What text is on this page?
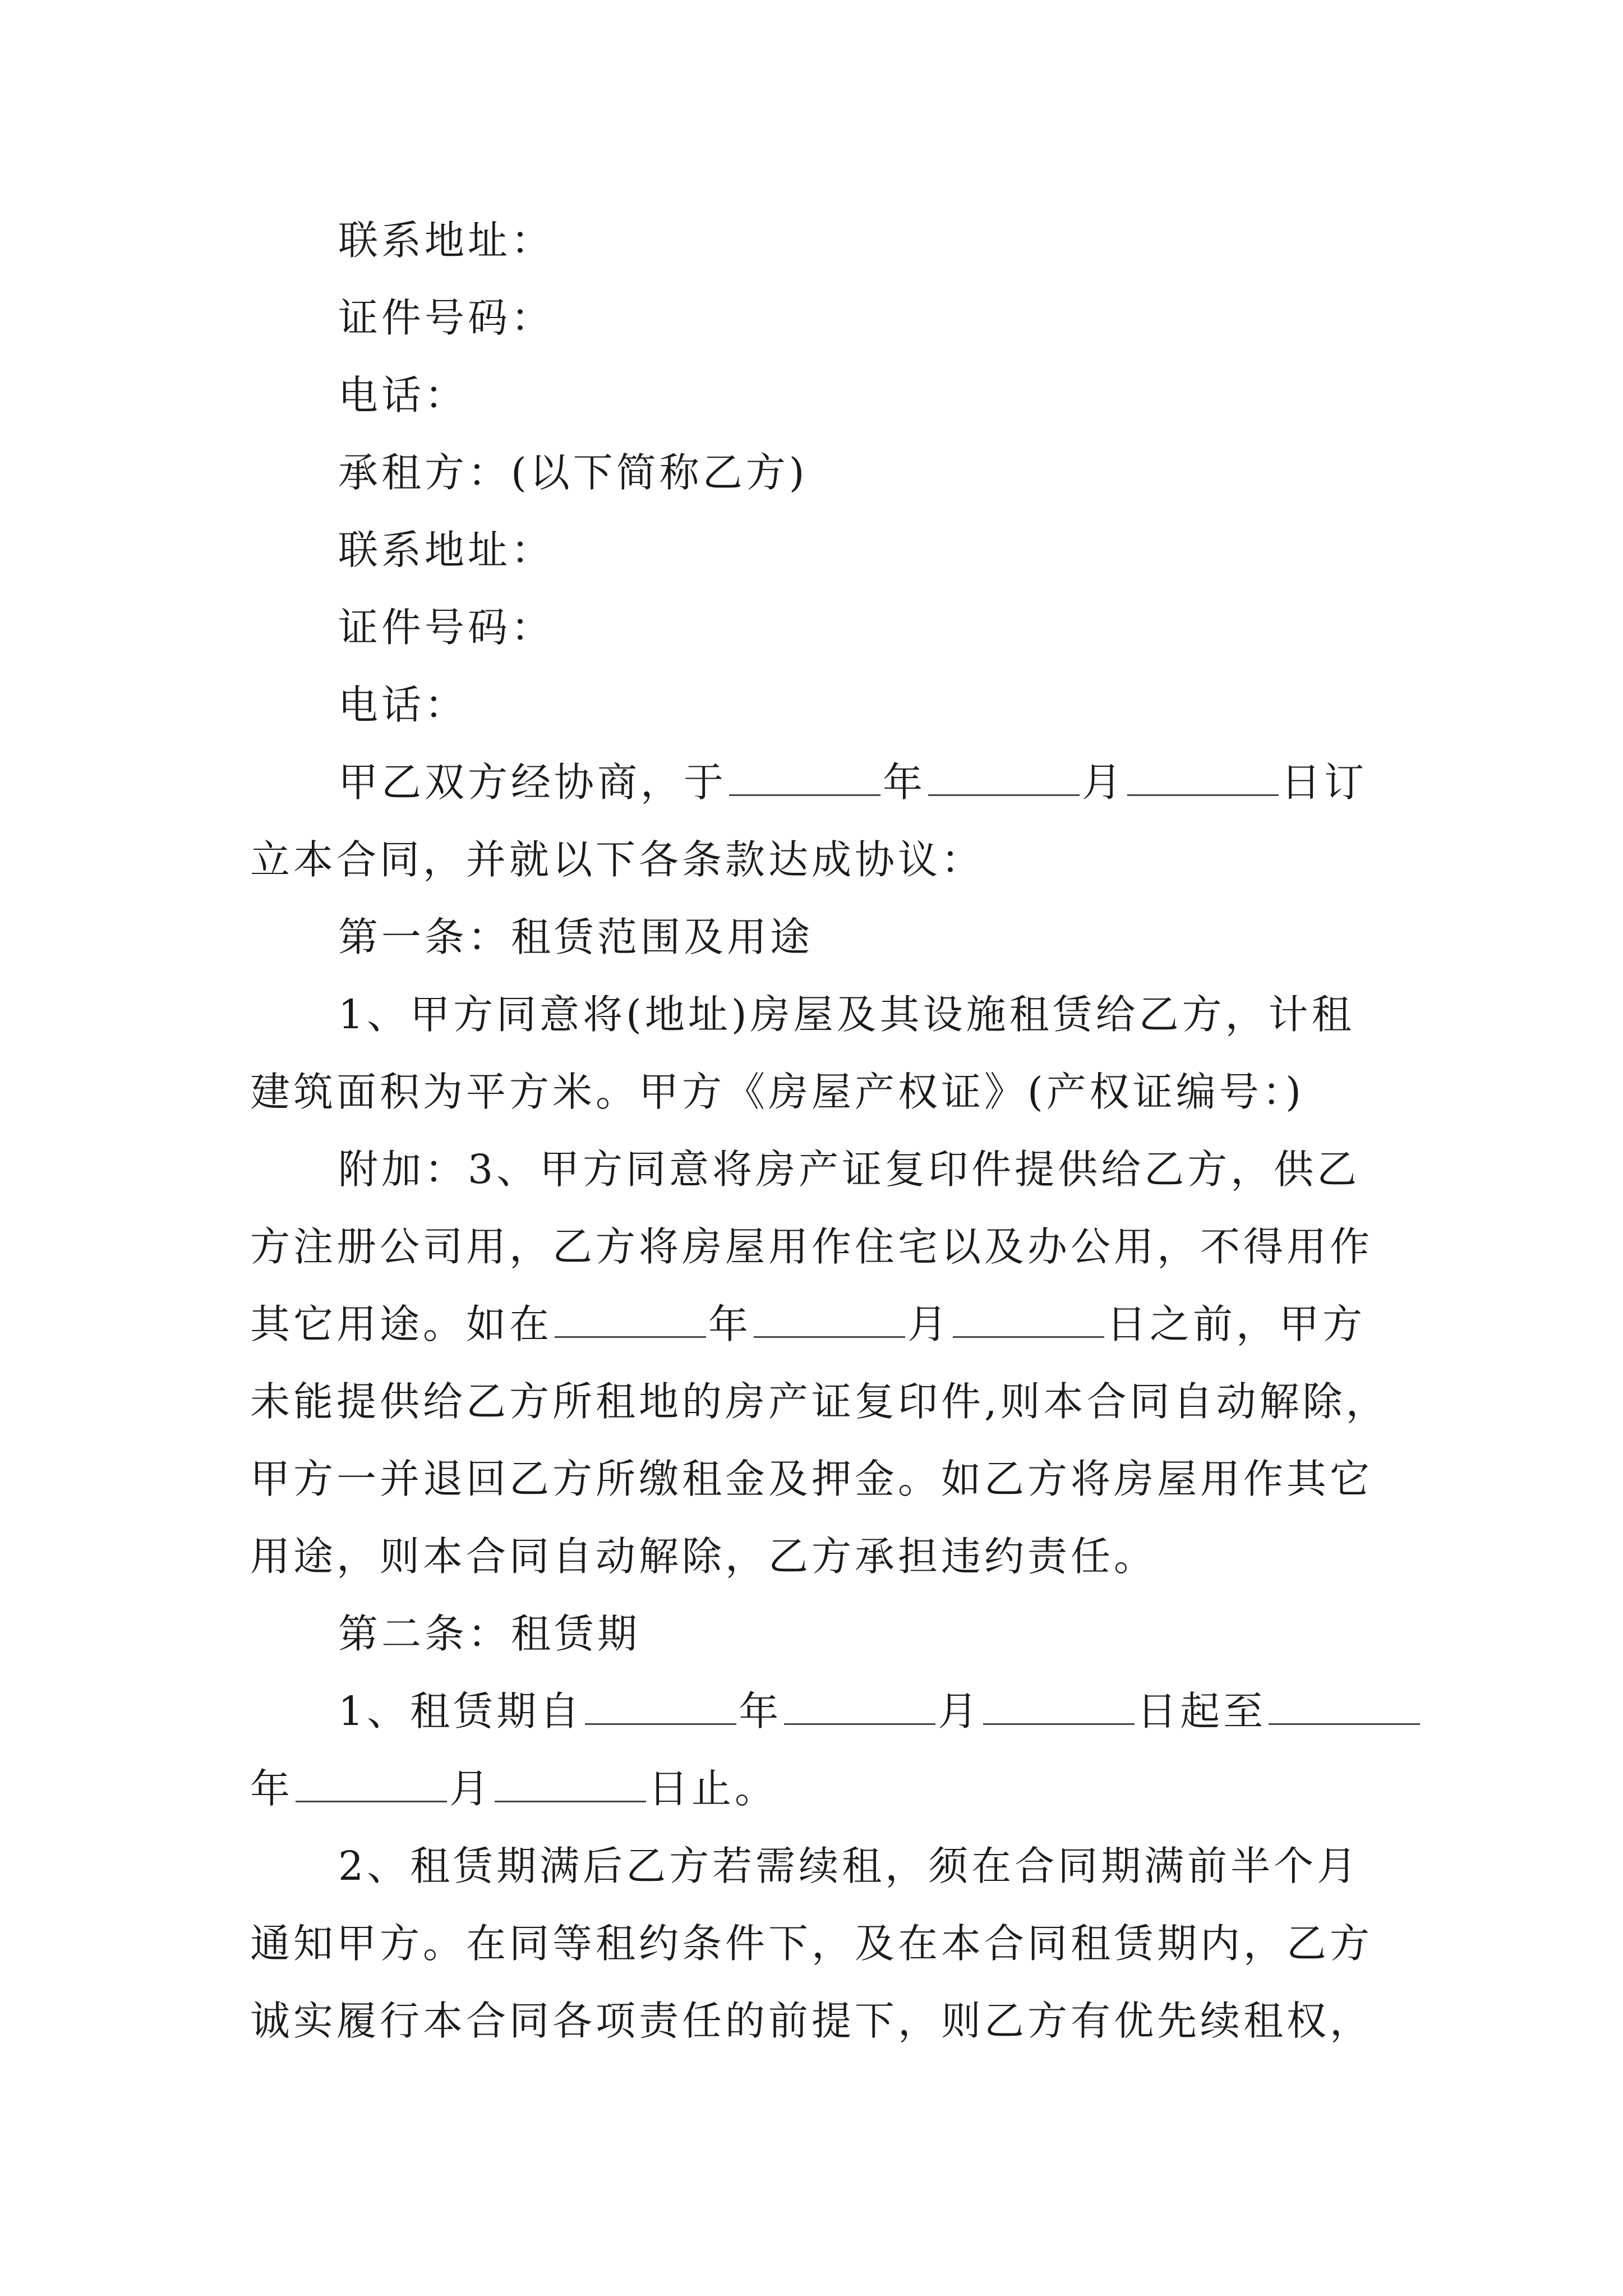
联系地址：

证件号码：

电话：

承租方：(以下简称乙方)

联系地址：

证件号码：

电话：

甲乙双方经协商，于	年	月	日订

立本合同，并就以下各条款达成协议：

第一条：租赁范围及用途

1、甲方同意将(地址)房屋及其设施租赁给乙方，计租

建筑面积为平方米。甲方《房屋产权证》(产权证编号：)

附加：3、甲方同意将房产证复印件提供给乙方，供乙

方注册公司用，乙方将房屋用作住宅以及办公用，不得用作

其它用途。如在	年	月	日之前，甲方

未能提供给乙方所租地的房产证复印件,则本合同自动解除，

甲方一并退回乙方所缴租金及押金。如乙方将房屋用作其它

用途，则本合同自动解除，乙方承担违约责任。

第二条：租赁期

1、租赁期自	年	月	日起至

年	月	日止。

2、租赁期满后乙方若需续租，须在合同期满前半个月

通知甲方。在同等租约条件下，及在本合同租赁期内，乙方

诚实履行本合同各项责任的前提下，则乙方有优先续租权，
